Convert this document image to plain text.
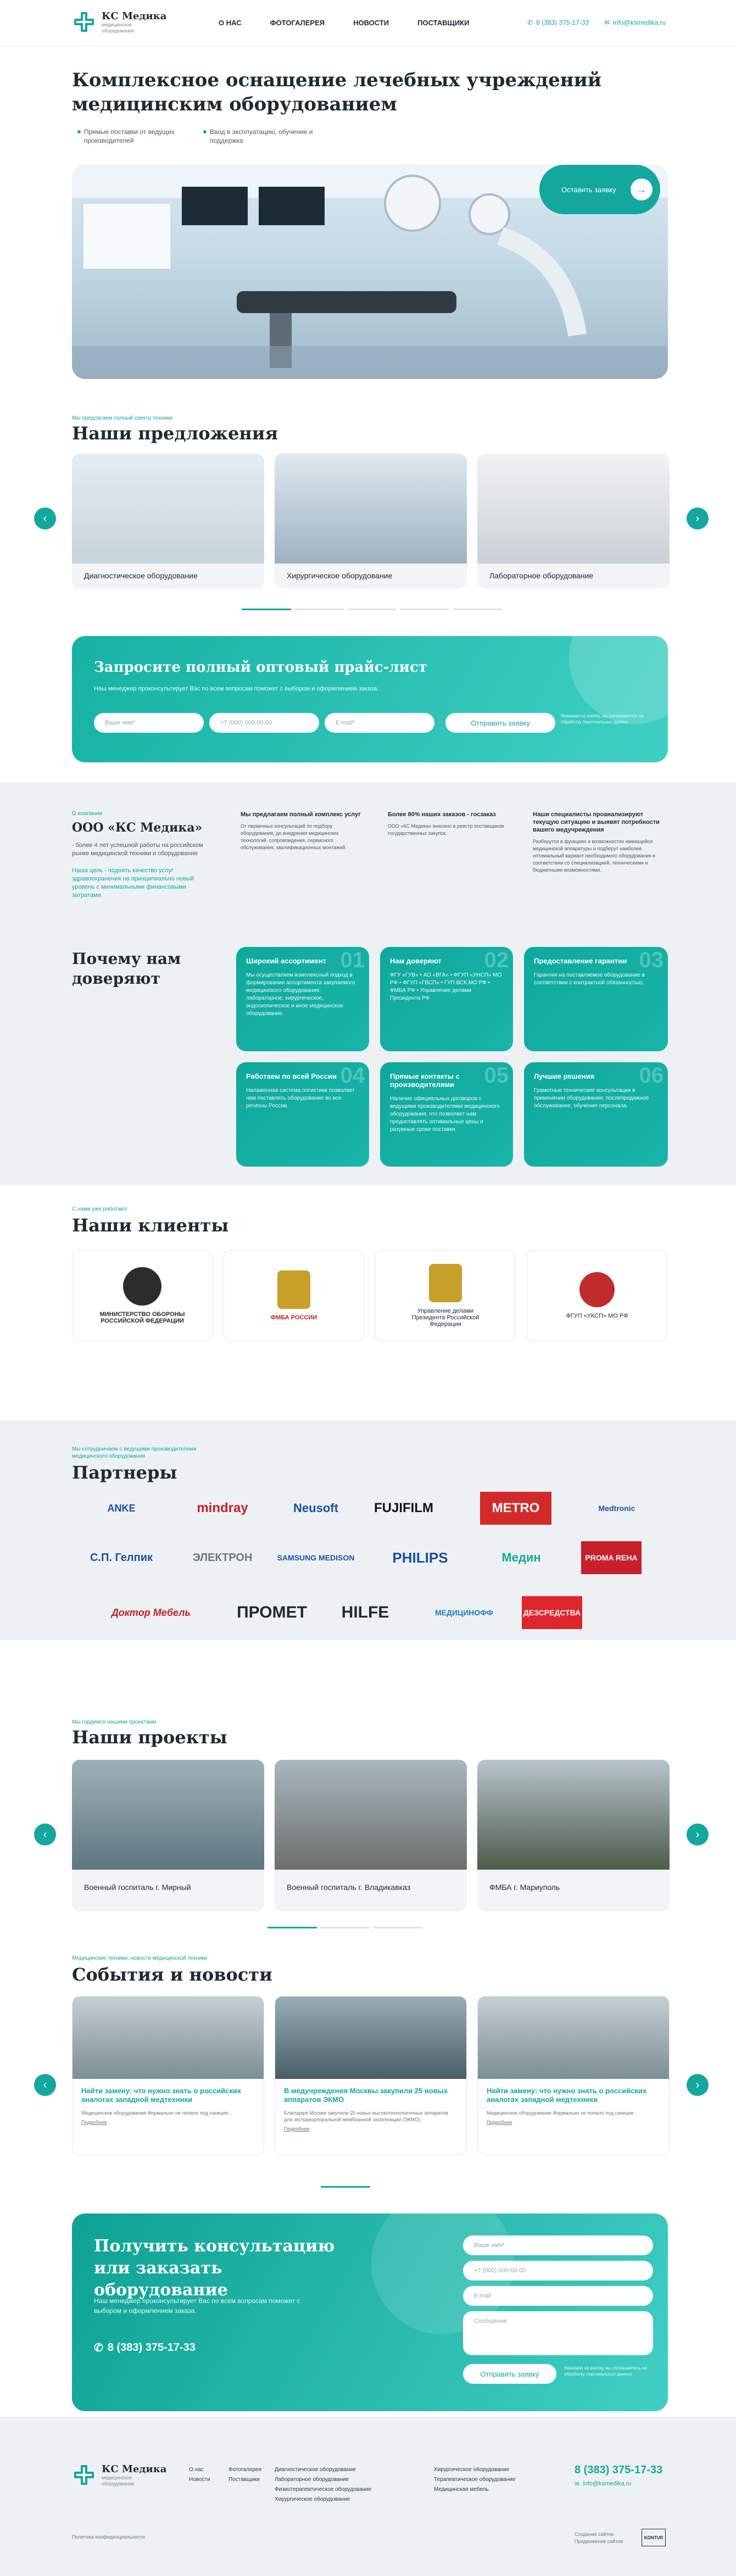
КС Медика
медицинское
оборудование
О НАС	ФОТОГАЛЕРЕЯ	НОВОСТИ	ПОСТАВЩИКИ	✆ 8 (383) 375-17-33 ✉ info@ksmedika.ru
Комплексное оснащение лечебных учреждений медицинским оборудованием
Прямые поставки от ведущих производителей
Ввод в эксплуатацию, обучение и поддержка
Оставить заявку	→
Мы предлагаем полный спектр техники
Наши предложения
‹	›
Диагностическое оборудование	Хирургическое оборудование	Лабораторное оборудование
Запросите полный оптовый прайс-лист
Наш менеджер проконсультирует Вас по всем вопросам поможет с выбором и оформлением заказа.
Ваше имя*	+7 (000) 000-00-00	E-mail*	Отправить заявку
Нажимая на кнопку, вы соглашаетесь на обработку персональных данных
О компании
ООО «КС Медика»
- более 4 лет успешной работы на российском рынке медицинской техники и оборудования
Наша цель - поднять качество услуг здравоохранения на принципиально новый уровень с минимальными финансовыми затратами.
Мы предлагаем полный комплекс услуг
От первичных консультаций по подбору оборудования, до внедрения медицинских технологий, сопровождения, сервисного обслуживания, квалификационных монтажей.
Более 80% наших заказов - госзаказ
ООО «КС Медика» внесено в реестр поставщиков государственных закупок.
Наши специалисты проанализируют текущую ситуацию и выявят потребности вашего медучреждения
Разберутся в функциях и возможностях имеющейся медицинской аппаратуры и подберут наиболее оптимальный вариант необходимого оборудования в соответствии со специализацией, техническими и бюджетными возможностями.
Почему нам доверяют
01
Широкий ассортимент
Мы осуществляем комплексный подход в формировании ассортимента закупаемого медицинского оборудования: лабораторное, хирургическое, эндоскопическое и иное медицинское оборудование.
02
Нам доверяют
ФГУ «ГУВ» • АО «ВГА» • ФГУП «УНСП» МО РФ • ФГУП «ГВСП» • ГУП ВСК МО РФ • ФМБА РФ • Управление делами Президента РФ
03
Предоставление гарантии
Гарантия на поставляемое оборудование в соответствии с контрактной обязанностью.
04
Работаем по всей России
Налаженная система логистики позволяет нам поставлять оборудование во все регионы России.
05
Прямые контакты с производителями
Наличие официальных договоров с ведущими производителями медицинского оборудования, что позволяет нам предоставлять оптимальные цены и разумные сроки поставки.
06
Лучшие решения
Грамотные технические консультации в применении оборудования; послепродажное обслуживание, обучение персонала.
С нами уже работают
Наши клиенты
МИНИСТЕРСТВО ОБОРОНЫ РОССИЙСКОЙ ФЕДЕРАЦИИ	ФМБА РОССИИ
Управление делами Президента Российской Федерации
ФГУП «УКСП» МО РФ
Мы сотрудничаем с ведущими производителями медицинского оборудования
Партнеры
ANKE	mindray	Neusoft	FUJIFILM	METRO	Medtronic
С.П. Гелпик	ЭЛЕКТРОН	SAMSUNG MEDISON	PHILIPS	Медин	PROMA REHA
Доктор Мебель	ПРОМЕТ	HILFE	МЕДИЦИНОФФ	ДЕЗСРЕДСТВА
Мы гордимся нашими проектами
Наши проекты
‹	›
Военный госпиталь г. Мирный	Военный госпиталь г. Владикавказ	ФМБА г. Мариуполь
Медицинские техники, новости медицинской техники
События и новости
‹	›
Найти замену: что нужно знать о российских аналогах западной медтехники
Медицинское оборудование Формально не попало под санкции...
Подробнее
В медучреждения Москвы закупили 25 новых аппаратов ЭКМО
Благодаря Москве закупили 25 новых высокотехнологичных аппаратов для экстракорпоральной мембранной оксигенации (ЭКМО).
Подробнее
Найти замену: что нужно знать о российских аналогах западной медтехники
Медицинское оборудование Формально не попало под санкции...
Подробнее
Получить консультацию или заказать оборудование
Наш менеджер проконсультирует Вас по всем вопросам поможет с выбором и оформлением заказа.
✆ 8 (383) 375-17-33
Ваше имя*
+7 (000) 000-00-00
E-mail
Сообщение
Отправить заявку
Нажимая на кнопку, вы соглашаетесь на обработку персональных данных
КС Медика
медицинское
оборудование
О нас
Новости
Фотогалерея
Поставщики
Диагностическое оборудование
Лабораторное оборудование
Физиотерапевтическое оборудование
Хирургическое оборудование
Хирургическое оборудование
Терапевтическое оборудование
Медицинская мебель
8 (383) 375-17-33
✉ info@ksmedika.ru
Политика конфиденциальности	Создание сайтов
Продвижение сайтов
KONTUR
